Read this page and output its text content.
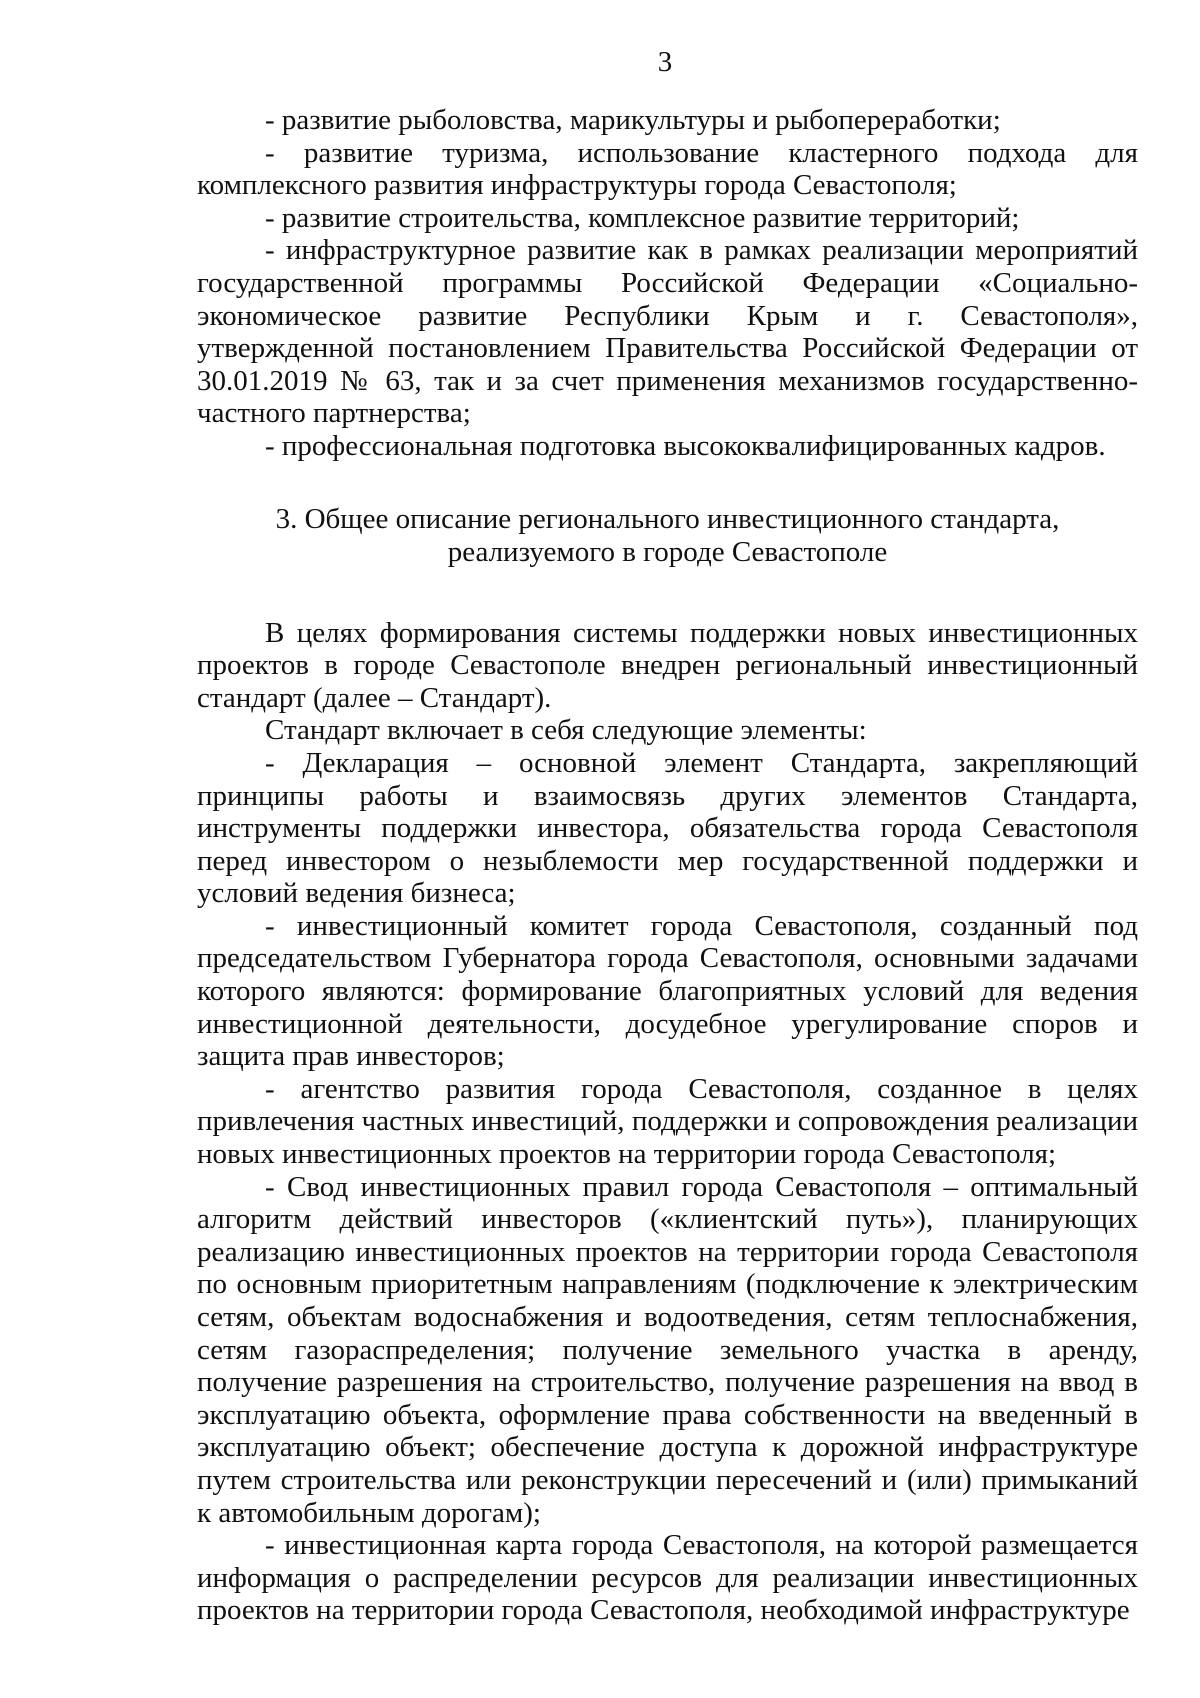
3

- развитие рыболовства, марикультуры и рыбопереработки;

- развитие туризма, использование кластерного подхода для комплексного развития инфраструктуры города Севастополя;

- развитие строительства, комплексное развитие территорий;

- инфраструктурное развитие как в рамках реализации мероприятий государственной программы Российской Федерации «Социально-экономическое развитие Республики Крым и г. Севастополя», утвержденной постановлением Правительства Российской Федерации от 30.01.2019 № 63, так и за счет применения механизмов государственно-частного партнерства;

- профессиональная подготовка высококвалифицированных кадров.

3. Общее описание регионального инвестиционного стандарта,
реализуемого в городе Севастополе

В целях формирования системы поддержки новых инвестиционных проектов в городе Севастополе внедрен региональный инвестиционный стандарт (далее – Стандарт).

Стандарт включает в себя следующие элементы:

- Декларация – основной элемент Стандарта, закрепляющий принципы работы и взаимосвязь других элементов Стандарта, инструменты поддержки инвестора, обязательства города Севастополя перед инвестором о незыблемости мер государственной поддержки и условий ведения бизнеса;

- инвестиционный комитет города Севастополя, созданный под председательством Губернатора города Севастополя, основными задачами которого являются: формирование благоприятных условий для ведения инвестиционной деятельности, досудебное урегулирование споров и защита прав инвесторов;

- агентство развития города Севастополя, созданное в целях привлечения частных инвестиций, поддержки и сопровождения реализации новых инвестиционных проектов на территории города Севастополя;

- Свод инвестиционных правил города Севастополя – оптимальный алгоритм действий инвесторов («клиентский путь»), планирующих реализацию инвестиционных проектов на территории города Севастополя по основным приоритетным направлениям (подключение к электрическим сетям, объектам водоснабжения и водоотведения, сетям теплоснабжения, сетям газораспределения; получение земельного участка в аренду, получение разрешения на строительство, получение разрешения на ввод в эксплуатацию объекта, оформление права собственности на введенный в эксплуатацию объект; обеспечение доступа к дорожной инфраструктуре путем строительства или реконструкции пересечений и (или) примыканий к автомобильным дорогам);

- инвестиционная карта города Севастополя, на которой размещается информация о распределении ресурсов для реализации инвестиционных проектов на территории города Севастополя, необходимой инфраструктуре
